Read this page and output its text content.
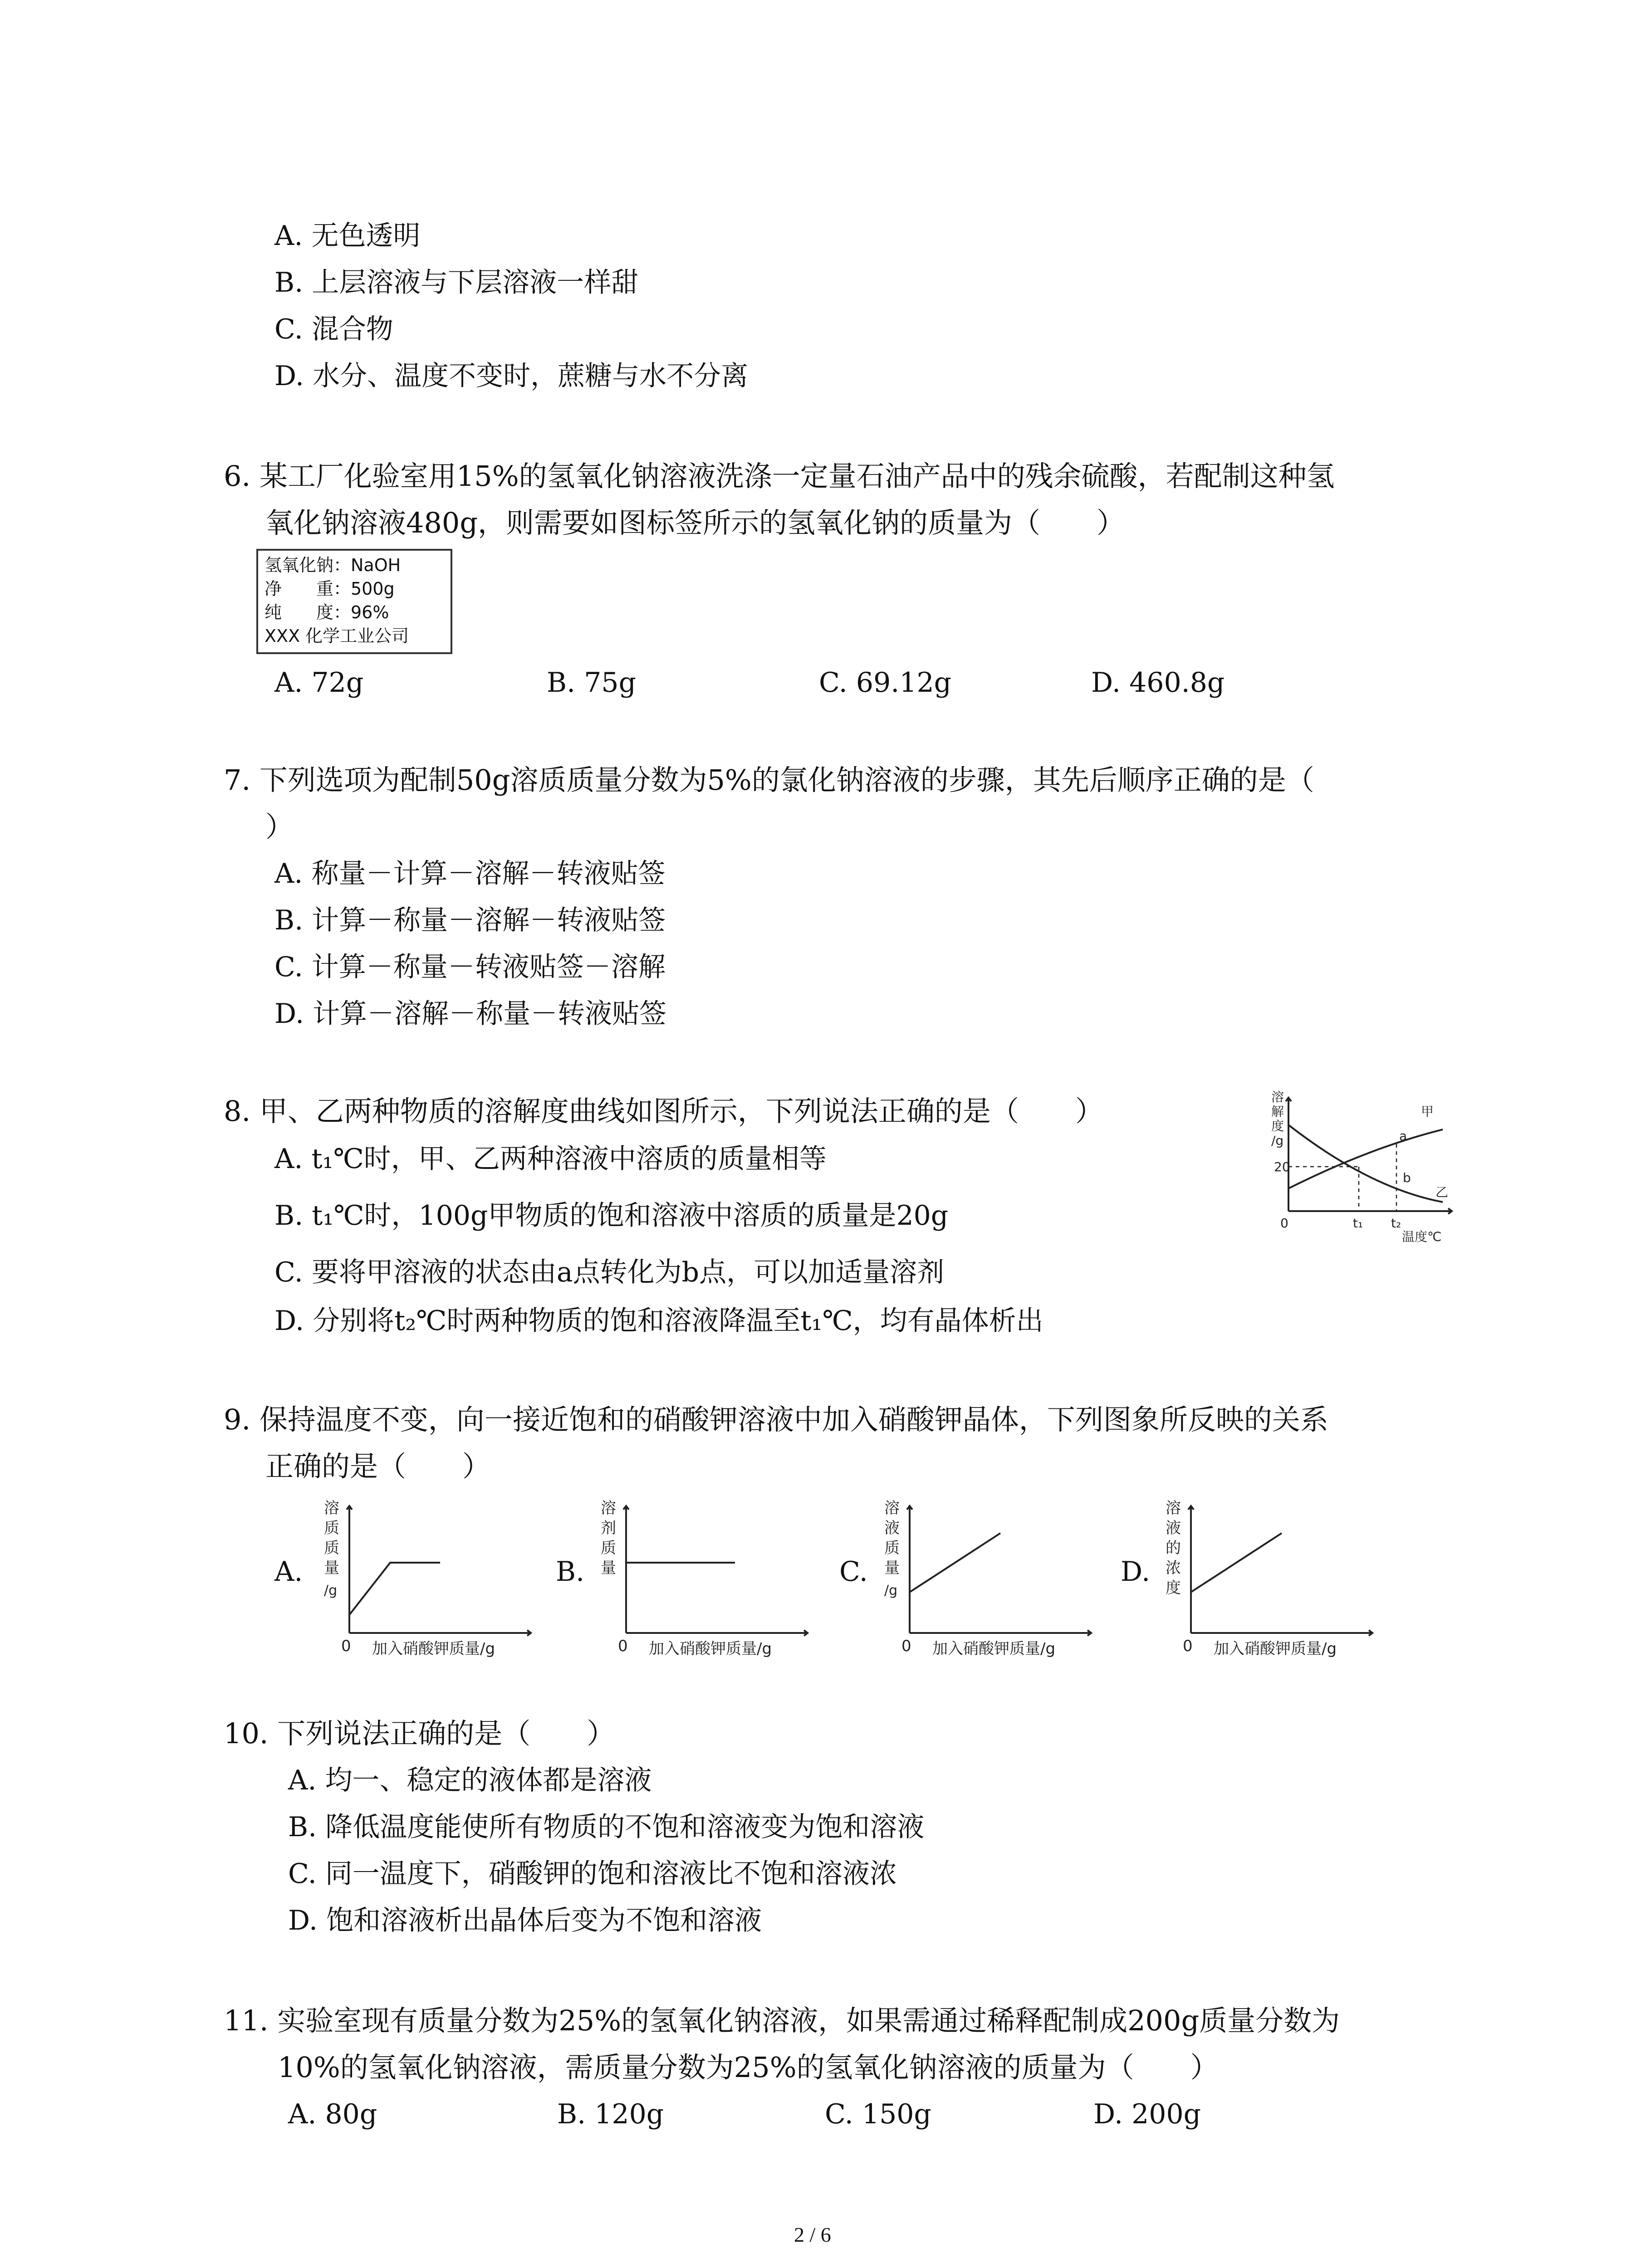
A. 无色透明
B. 上层溶液与下层溶液一样甜
C. 混合物
D. 水分、温度不变时，蔗糖与水不分离
6. 某工厂化验室用15%的氢氧化钠溶液洗涤一定量石油产品中的残余硫酸，若配制这种氢
氧化钠溶液480g，则需要如图标签所示的氢氧化钠的质量为（　　）
氢氧化钠：NaOH
净　　重：500g
纯　　度：96%
XXX 化学工业公司
A. 72g	B. 75g	C. 69.12g	D. 460.8g
7. 下列选项为配制50g溶质质量分数为5%的氯化钠溶液的步骤，其先后顺序正确的是（
）
A. 称量－计算－溶解－转液贴签
B. 计算－称量－溶解－转液贴签
C. 计算－称量－转液贴签－溶解
D. 计算－溶解－称量－转液贴签
8. 甲、乙两种物质的溶解度曲线如图所示，下列说法正确的是（　　）
A. t₁℃时，甲、乙两种溶液中溶质的质量相等
B. t₁℃时，100g甲物质的饱和溶液中溶质的质量是20g
C. 要将甲溶液的状态由a点转化为b点，可以加适量溶剂
D. 分别将t₂℃时两种物质的饱和溶液降温至t₁℃，均有晶体析出
溶
解
度
/g
20
0	t₁ t₂
温度℃
甲
乙
a
b
9. 保持温度不变，向一接近饱和的硝酸钾溶液中加入硝酸钾晶体，下列图象所反映的关系
正确的是（　　）
A.
溶
质
质
量
/g
0 加入硝酸钾质量/g
B.
溶
剂
质
量
0 加入硝酸钾质量/g
C.
溶
液
质
量
/g
0 加入硝酸钾质量/g
D.
溶
液
的
浓
度
0 加入硝酸钾质量/g
10. 下列说法正确的是（　　）
A. 均一、稳定的液体都是溶液
B. 降低温度能使所有物质的不饱和溶液变为饱和溶液
C. 同一温度下，硝酸钾的饱和溶液比不饱和溶液浓
D. 饱和溶液析出晶体后变为不饱和溶液
11. 实验室现有质量分数为25%的氢氧化钠溶液，如果需通过稀释配制成200g质量分数为
10%的氢氧化钠溶液，需质量分数为25%的氢氧化钠溶液的质量为（　　）
A. 80g	B. 120g	C. 150g	D. 200g
2 / 6
